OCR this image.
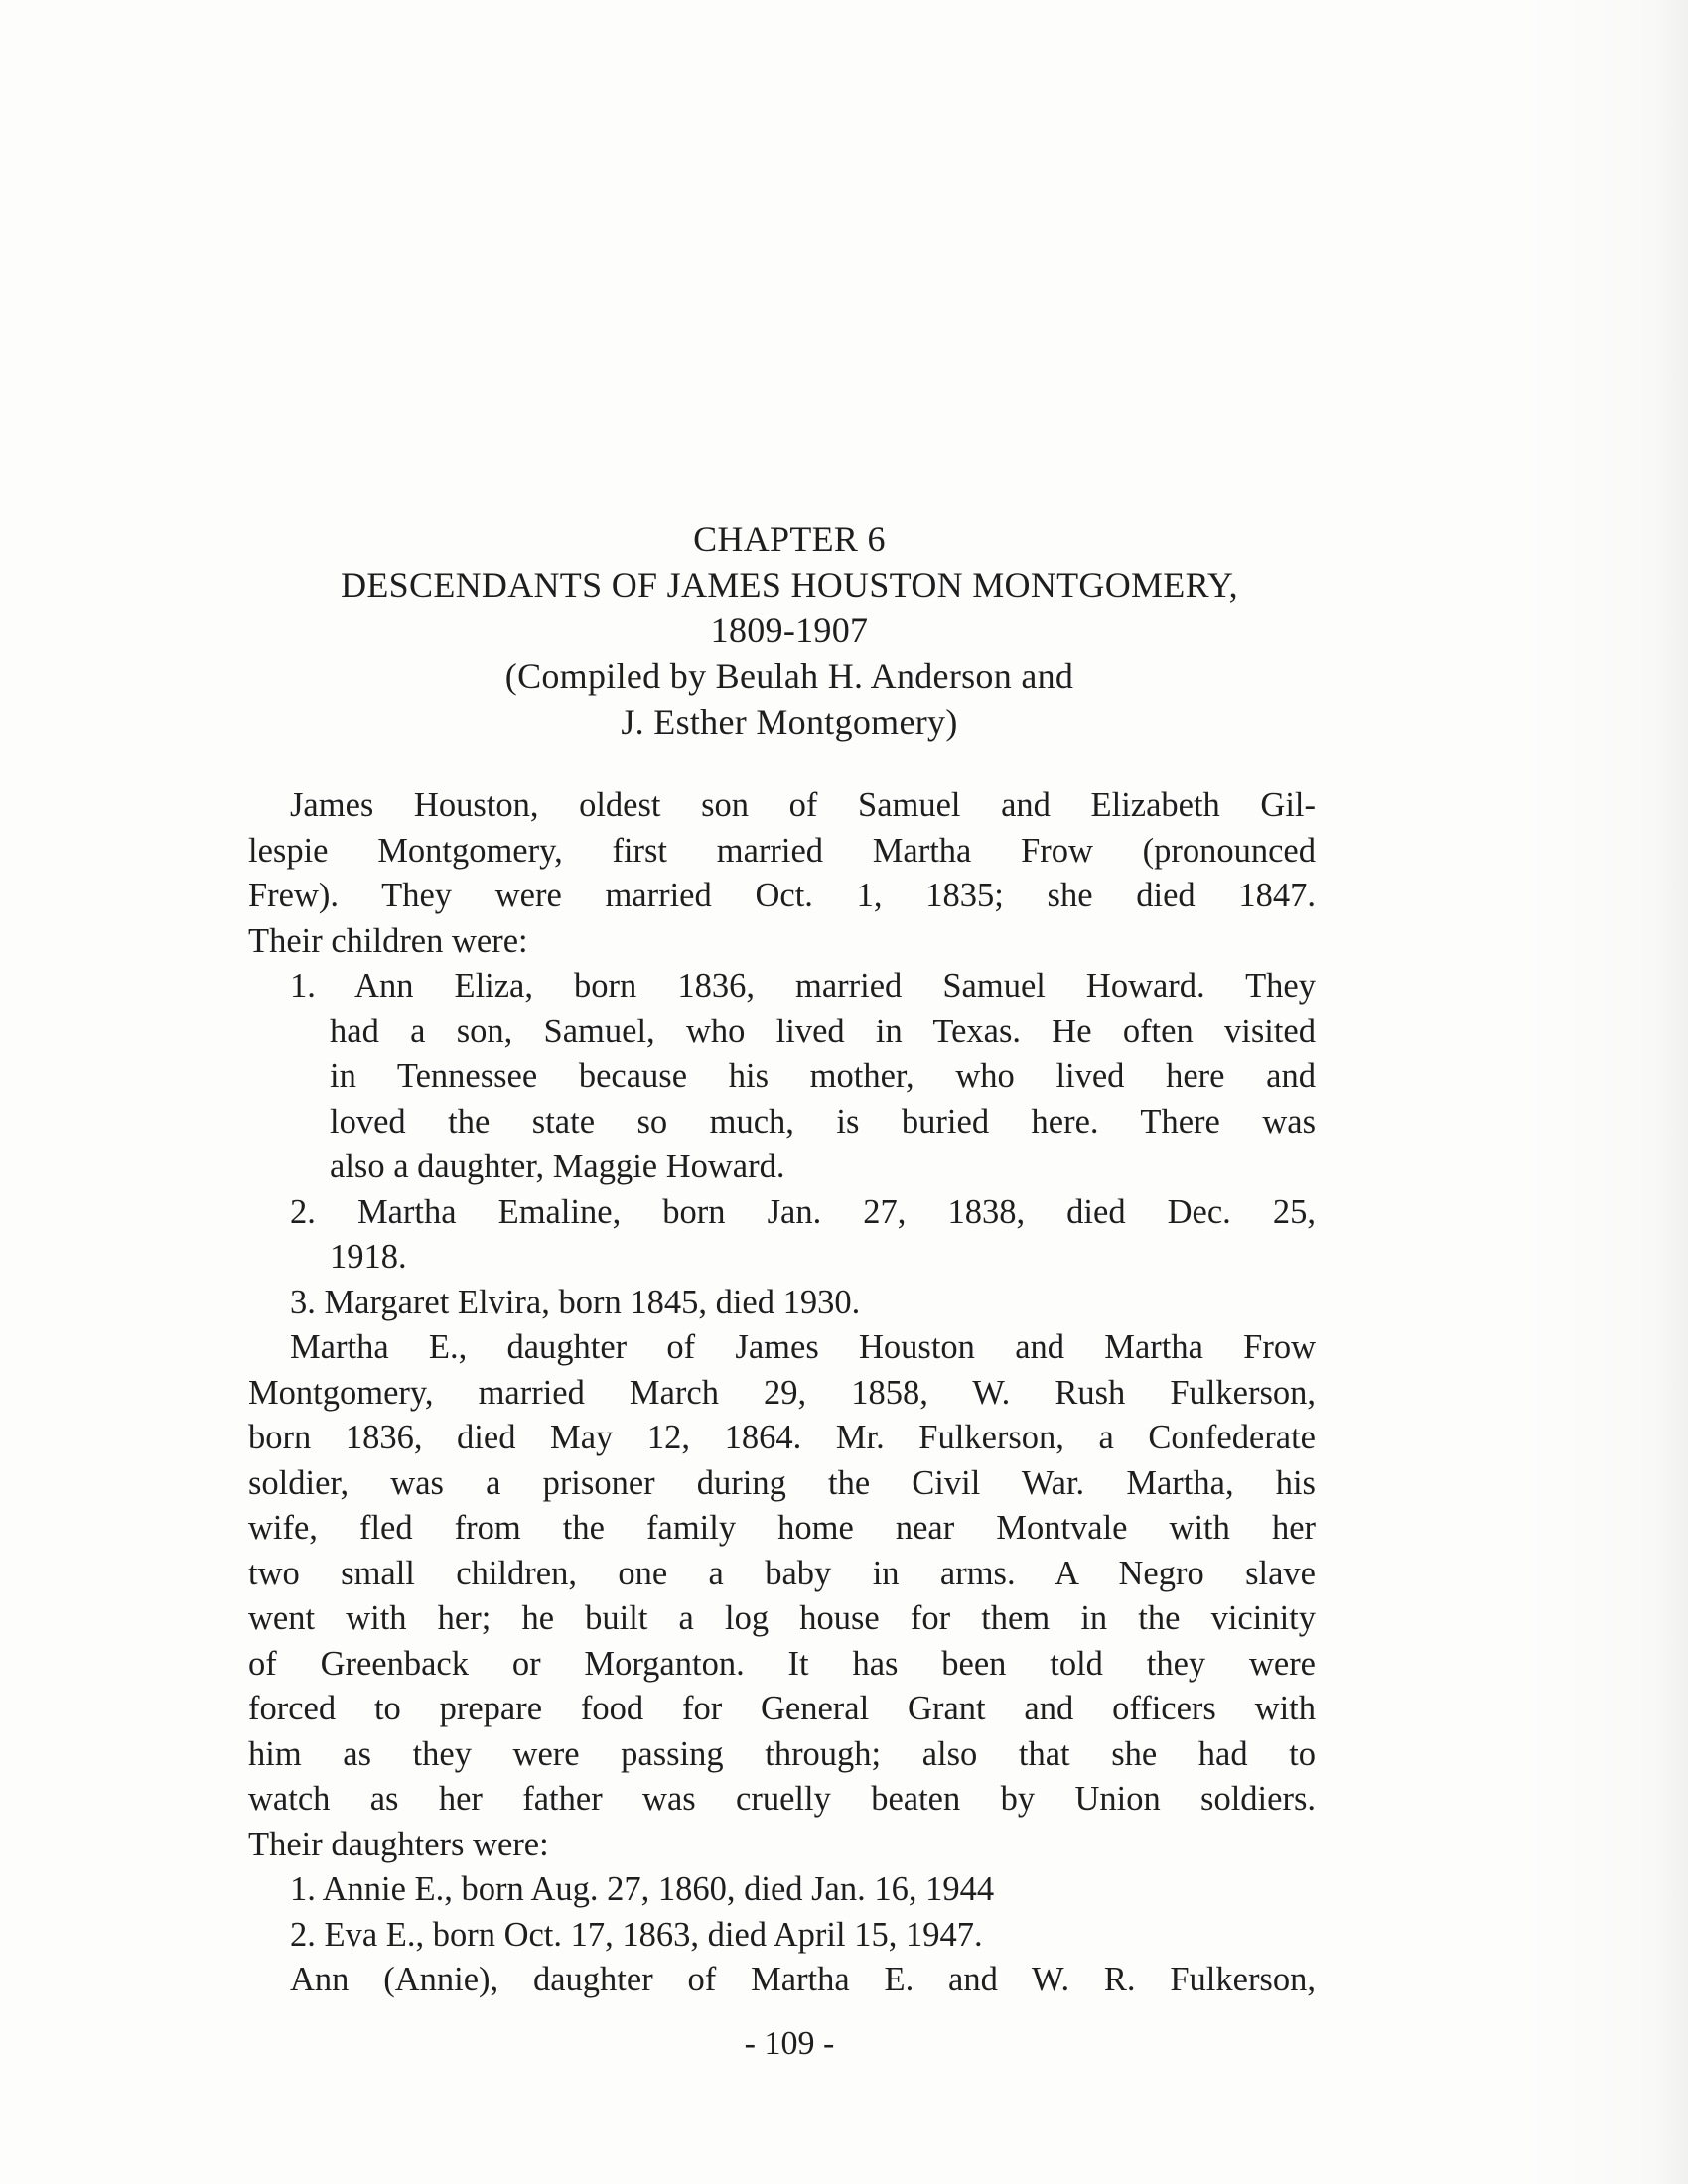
CHAPTER 6
DESCENDANTS OF JAMES HOUSTON MONTGOMERY,
1809-1907
(Compiled by Beulah H. Anderson and
J. Esther Montgomery)
James Houston, oldest son of Samuel and Elizabeth Gil-
lespie Montgomery, first married Martha Frow (pronounced
Frew). They were married Oct. 1, 1835; she died 1847.
Their children were:
1. Ann Eliza, born 1836, married Samuel Howard. They
had a son, Samuel, who lived in Texas. He often visited
in Tennessee because his mother, who lived here and
loved the state so much, is buried here. There was
also a daughter, Maggie Howard.
2. Martha Emaline, born Jan. 27, 1838, died Dec. 25,
1918.
3. Margaret Elvira, born 1845, died 1930.
Martha E., daughter of James Houston and Martha Frow
Montgomery, married March 29, 1858, W. Rush Fulkerson,
born 1836, died May 12, 1864. Mr. Fulkerson, a Confederate
soldier, was a prisoner during the Civil War. Martha, his
wife, fled from the family home near Montvale with her
two small children, one a baby in arms. A Negro slave
went with her; he built a log house for them in the vicinity
of Greenback or Morganton. It has been told they were
forced to prepare food for General Grant and officers with
him as they were passing through; also that she had to
watch as her father was cruelly beaten by Union soldiers.
Their daughters were:
1. Annie E., born Aug. 27, 1860, died Jan. 16, 1944
2. Eva E., born Oct. 17, 1863, died April 15, 1947.
Ann (Annie), daughter of Martha E. and W. R. Fulkerson,
- 109 -
